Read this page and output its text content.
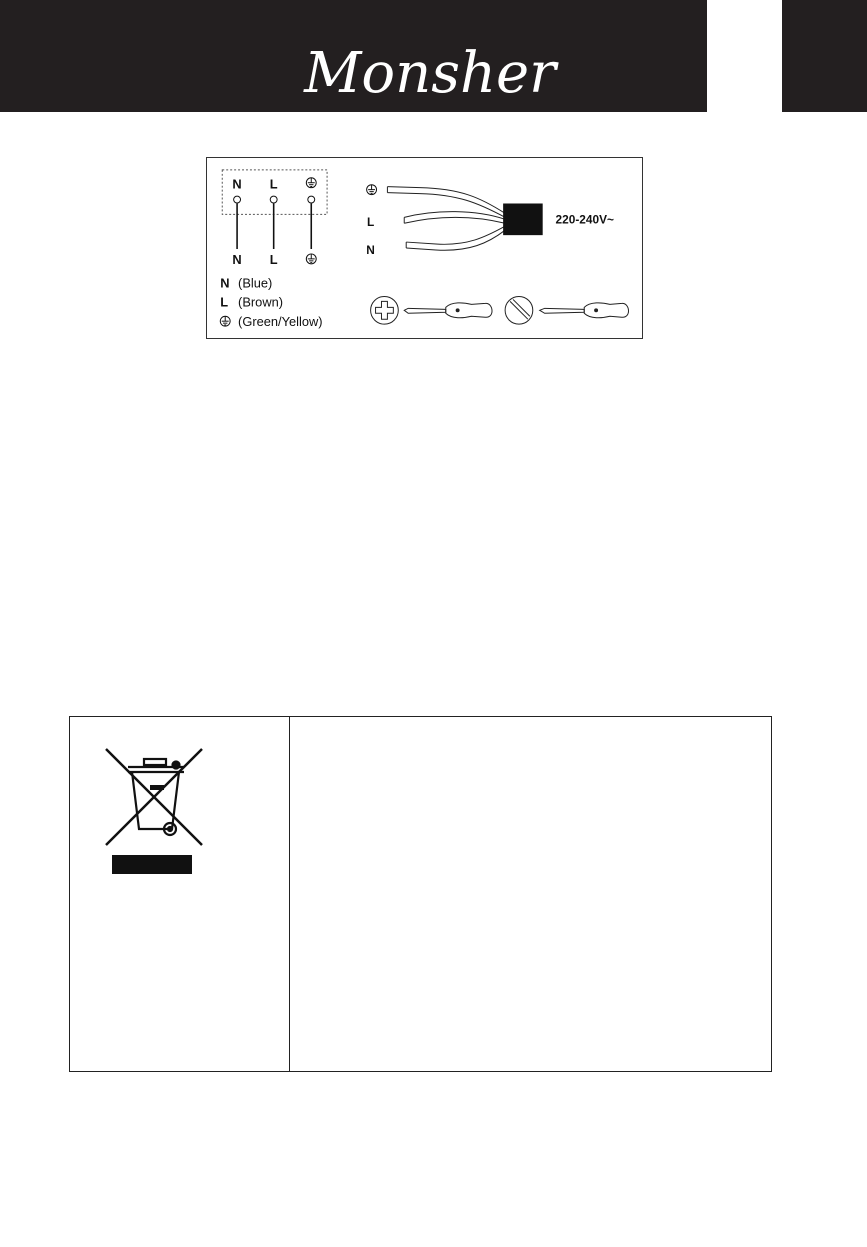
Monsher
N L
N L
N (Blue)
L (Brown)
(Green/Yellow)
L
N
220-240V~
